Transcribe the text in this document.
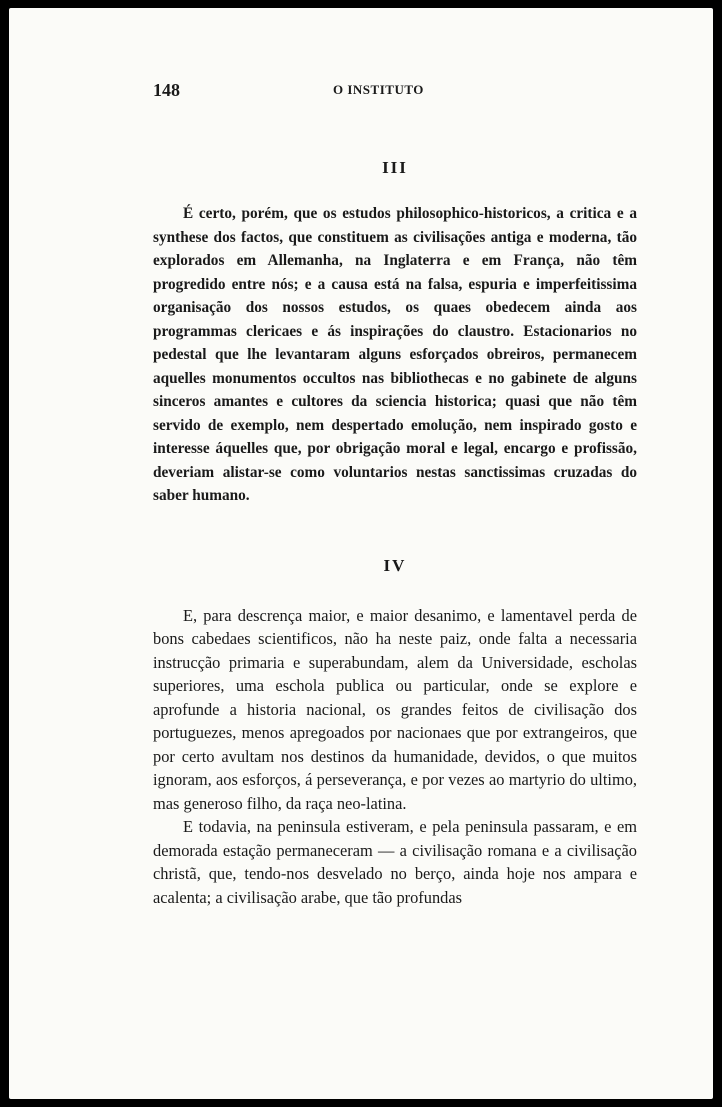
148	O INSTITUTO
III

É certo, porém, que os estudos philosophico-historicos, a critica e a synthese dos factos, que constituem as civilisações antiga e moderna, tão explorados em Allemanha, na Inglaterra e em França, não têm progredido entre nós; e a causa está na falsa, espuria e imperfeitissima organisação dos nossos estudos, os quaes obedecem ainda aos programmas clericaes e ás inspirações do claustro. Estacionarios no pedestal que lhe levantaram alguns esforçados obreiros, permanecem aquelles monumentos occultos nas bibliothecas e no gabinete de alguns sinceros amantes e cultores da sciencia historica; quasi que não têm servido de exemplo, nem despertado emolução, nem inspirado gosto e interesse áquelles que, por obrigação moral e legal, encargo e profissão, deveriam alistar-se como voluntarios nestas sanctissimas cruzadas do saber humano.

IV

E, para descrença maior, e maior desanimo, e lamentavel perda de bons cabedaes scientificos, não ha neste paiz, onde falta a necessaria instrucção primaria e superabundam, alem da Universidade, escholas superiores, uma eschola publica ou particular, onde se explore e aprofunde a historia nacional, os grandes feitos de civilisação dos portuguezes, menos apregoados por nacionaes que por extrangeiros, que por certo avultam nos destinos da humanidade, devidos, o que muitos ignoram, aos esforços, á perseverança, e por vezes ao martyrio do ultimo, mas generoso filho, da raça neo-latina.

E todavia, na peninsula estiveram, e pela peninsula passaram, e em demorada estação permaneceram — a civilisação romana e a civilisação christã, que, tendo-nos desvelado no berço, ainda hoje nos ampara e acalenta; a civilisação arabe, que tão profundas
